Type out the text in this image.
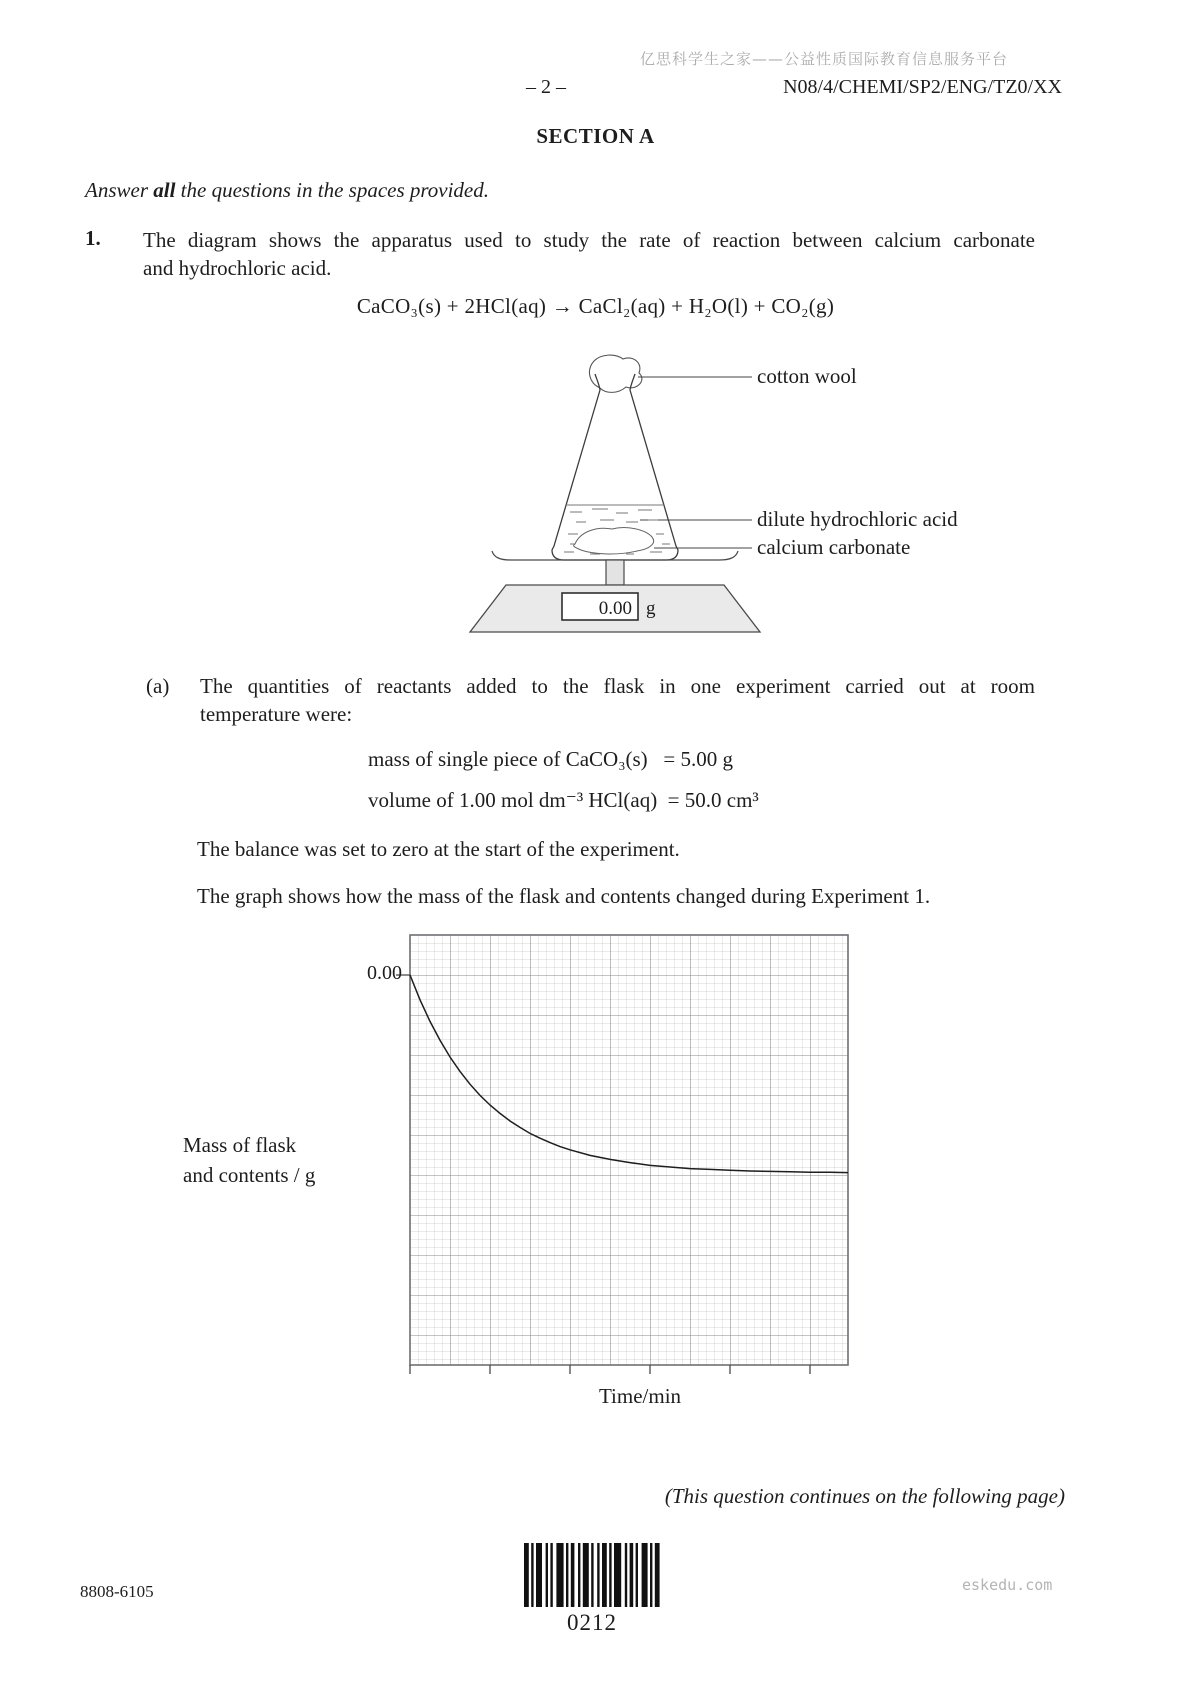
亿思科学生之家——公益性质国际教育信息服务平台
– 2 –	N08/4/CHEMI/SP2/ENG/TZ0/XX
SECTION A
Answer all the questions in the spaces provided.
1. The diagram shows the apparatus used to study the rate of reaction between calcium carbonate
and hydrochloric acid.
CaCO₃(s) + 2HCl(aq) → CaCl₂(aq) + H₂O(l) + CO₂(g)
0.00 g
cotton wool
dilute hydrochloric acid
calcium carbonate
(a) The quantities of reactants added to the flask in one experiment carried out at room
temperature were:
mass of single piece of CaCO₃(s)   = 5.00 g
volume of 1.00 mol dm⁻³ HCl(aq)  = 50.0 cm³
The balance was set to zero at the start of the experiment.
The graph shows how the mass of the flask and contents changed during Experiment 1.
0.00
Mass of flask
and contents / g
Time/min
(This question continues on the following page)
8808-6105
0212
eskedu.com
